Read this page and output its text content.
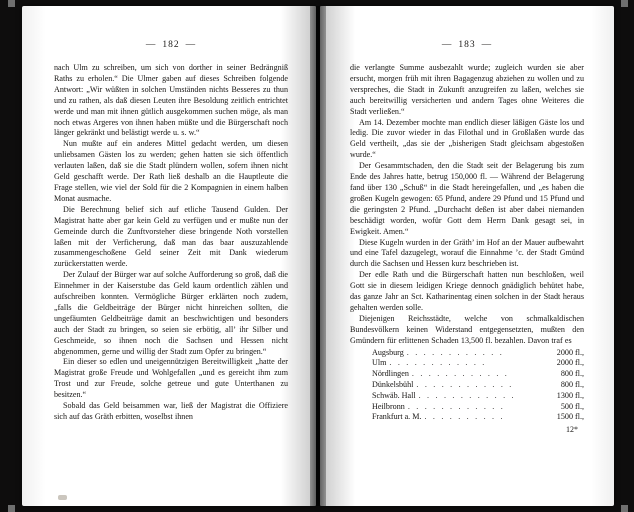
— 182 —

nach Ulm zu schreiben, um sich von dorther in seiner Bedrängniß Raths zu erholen.“ Die Ulmer gaben auf dieses Schreiben folgende Antwort: „Wir wüßten in solchen Umständen nichts Besseres zu thun und zu rathen, als daß diesen Leuten ihre Besoldung zeitlich entrichtet werde und man mit ihnen gütlich ausgekommen suchen möge, als man noch etwas Argeres von ihnen haben müßte und die Bürgerschaft noch länger gekränkt und belästigt werde u. s. w.“

Nun mußte auf ein anderes Mittel gedacht werden, um diesen unliebsamen Gästen los zu werden; gehen hatten sie sich öffentlich verlauten laßen, daß sie die Stadt plündern wollen, sofern ihnen nicht Geld geschafft werde. Der Rath ließ deshalb an die Hauptleute die Frage stellen, wie viel der Sold für die 2 Kompagnien in einem halben Monat ausmache.

Die Berechnung belief sich auf etliche Tausend Gulden. Der Magistrat hatte aber gar kein Geld zu verfügen und er mußte nun der Gemeinde durch die Zunftvorsteher diese bringende Noth vorstellen laßen mit der Verficherung, daß man das baar auszuzahlende zusammengeschoßene Geld seiner Zeit mit Dank wiederum zurückerstatten werde.

Der Zulauf der Bürger war auf solche Aufforderung so groß, daß die Einnehmer in der Kaiserstube das Geld kaum ordentlich zählen und aufschreiben konnten. Vermögliche Bürger erklärten noch zudem, „falls die Geldbeiträge der Bürger nicht hinreichen sollten, die ungefäumten Geldbeiträge damit an beschwichtigen und besonders auch der Stadt zu bringen, so seien sie erbötig, all’ ihr Silber und Geschmeide, so ihnen noch die Sachsen und Hessen nicht abgenommen, gerne und willig der Stadt zum Opfer zu bringen.“

Ein dieser so edlen und uneigennützigen Bereitwilligkeit „hatte der Magistrat große Freude und Wohlgefallen „und es gereicht ihm zum Trost und zur Freude, solche getreue und gute Unterthanen zu besitzen.“

Sobald das Geld beisammen war, ließ der Magistrat die Offiziere sich auf das Gräth erbitten, woselbst ihnen

— 183 —

die verlangte Summe ausbezahlt wurde; zugleich wurden sie aber ersucht, morgen früh mit ihren Bagagenzug abziehen zu wollen und zu verspreches, die Stadt in Zukunft anzugreifen zu laßen, welches sie auch bereitwillig versicherten und andern Tages ohne Weiteres die Stadt verließen.“

Am 14. Dezember mochte man endlich dieser läßigen Gäste los und ledig. Die zuvor wieder in das Filothal und in Großlaßen wurde das Geld vertheilt, „das sie der „bisherigen Stadt gleichsam abgestoßen wurde.“

Der Gesammtschaden, den die Stadt seit der Belagerung bis zum Ende des Jahres hatte, betrug 150,000 fl. — Während der Belagerung fand über 130 „Schuß“ in die Stadt hereingefallen, und „es haben die großen Kugeln gewogen: 65 Pfund, andere 29 Pfund und 15 Pfund und die geringsten 2 Pfund. „Durchacht deßen ist aber dabei niemanden beschädigt worden, wofür Gott dem Herrn Dank gesagt sei, in Ewigkeit. Amen.“

Diese Kugeln wurden in der Gräth’ im Hof an der Mauer aufbewahrt und eine Tafel dazugelegt, worauf die Einnahme ’c. der Stadt Gmünd durch die Sachsen und Hessen kurz beschrieben ist.

Der edle Rath und die Bürgerschaft hatten nun beschloßen, weil Gott sie in diesem leidigen Kriege dennoch gnädiglich behütet habe, das ganze Jahr an Sct. Katharinentag einen solchen in der Stadt heraus gehalten werden solle.

Diejenigen Reichsstädte, welche von schmalkaldischen Bundesvölkern keinen Widerstand entgegensetzten, mußten den Gmündern für erlittenen Schaden 13,500 fl. bezahlen. Davon traf es

Augsburg . . . . . . . . . . . .	2000 fl.,
Ulm . . . . . . . . . . . .	2000 fl.,
Nördlingen . . . . . . . . . . . .	800 fl.,
Dünkelsbühl . . . . . . . . . . . .	800 fl.,
Schwäb. Hall . . . . . . . . . . . .	1300 fl.,
Heilbronn . . . . . . . . . . . .	500 fl.,
Frankfurt a. M. . . . . . . . . . .	1500 fl.,
12*
